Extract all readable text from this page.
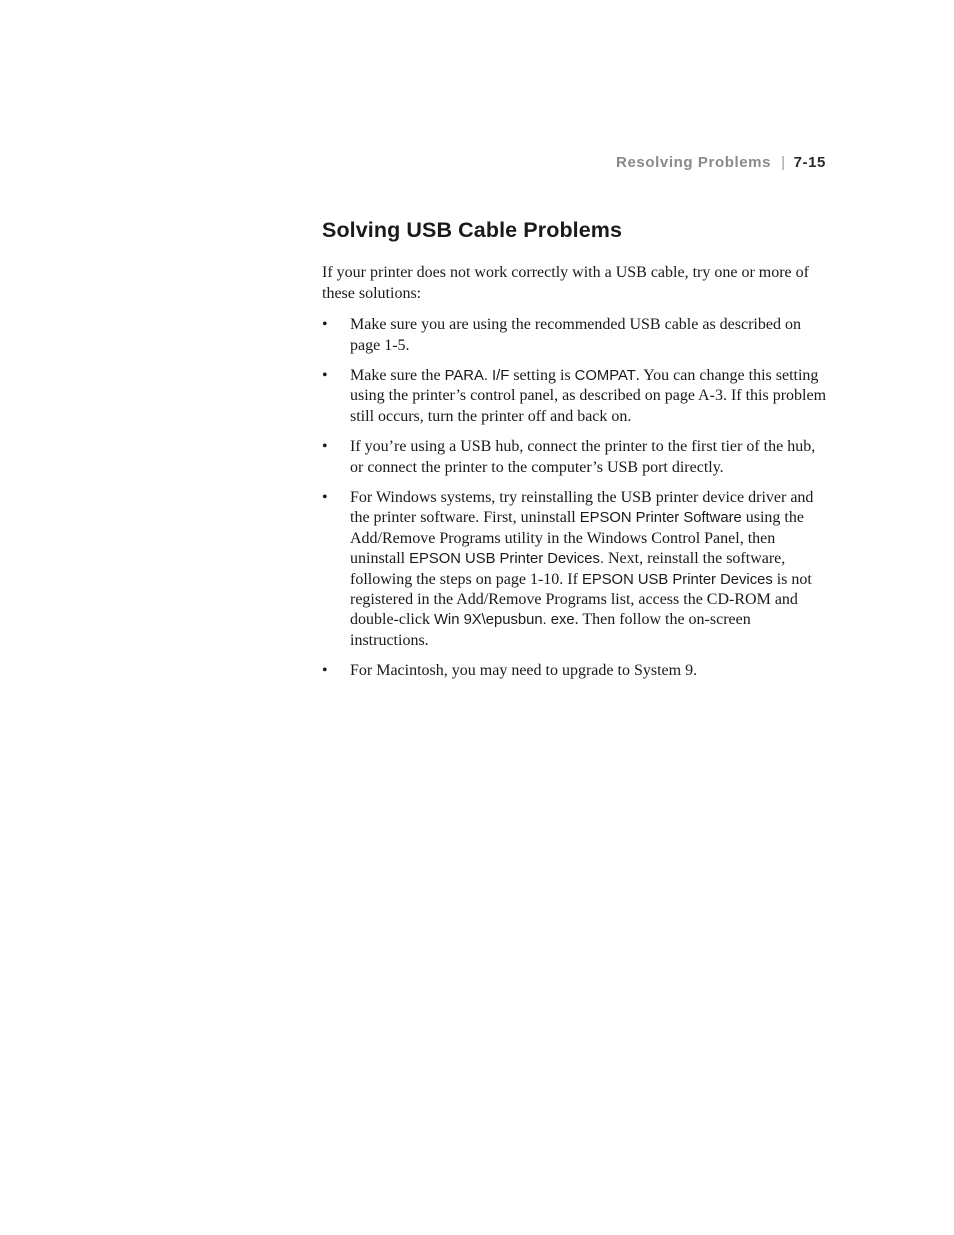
Resolving Problems | 7-15
Solving USB Cable Problems

If your printer does not work correctly with a USB cable, try one or more of these solutions:

• Make sure you are using the recommended USB cable as described on page 1-5.
• Make sure the PARA. I/F setting is COMPAT. You can change this setting using the printer’s control panel, as described on page A-3. If this problem still occurs, turn the printer off and back on.
• If you’re using a USB hub, connect the printer to the first tier of the hub, or connect the printer to the computer’s USB port directly.
• For Windows systems, try reinstalling the USB printer device driver and the printer software. First, uninstall EPSON Printer Software using the Add/Remove Programs utility in the Windows Control Panel, then uninstall EPSON USB Printer Devices. Next, reinstall the software, following the steps on page 1-10. If EPSON USB Printer Devices is not registered in the Add/Remove Programs list, access the CD-ROM and double-click Win 9X\epusbun. exe. Then follow the on-screen instructions.
• For Macintosh, you may need to upgrade to System 9.
